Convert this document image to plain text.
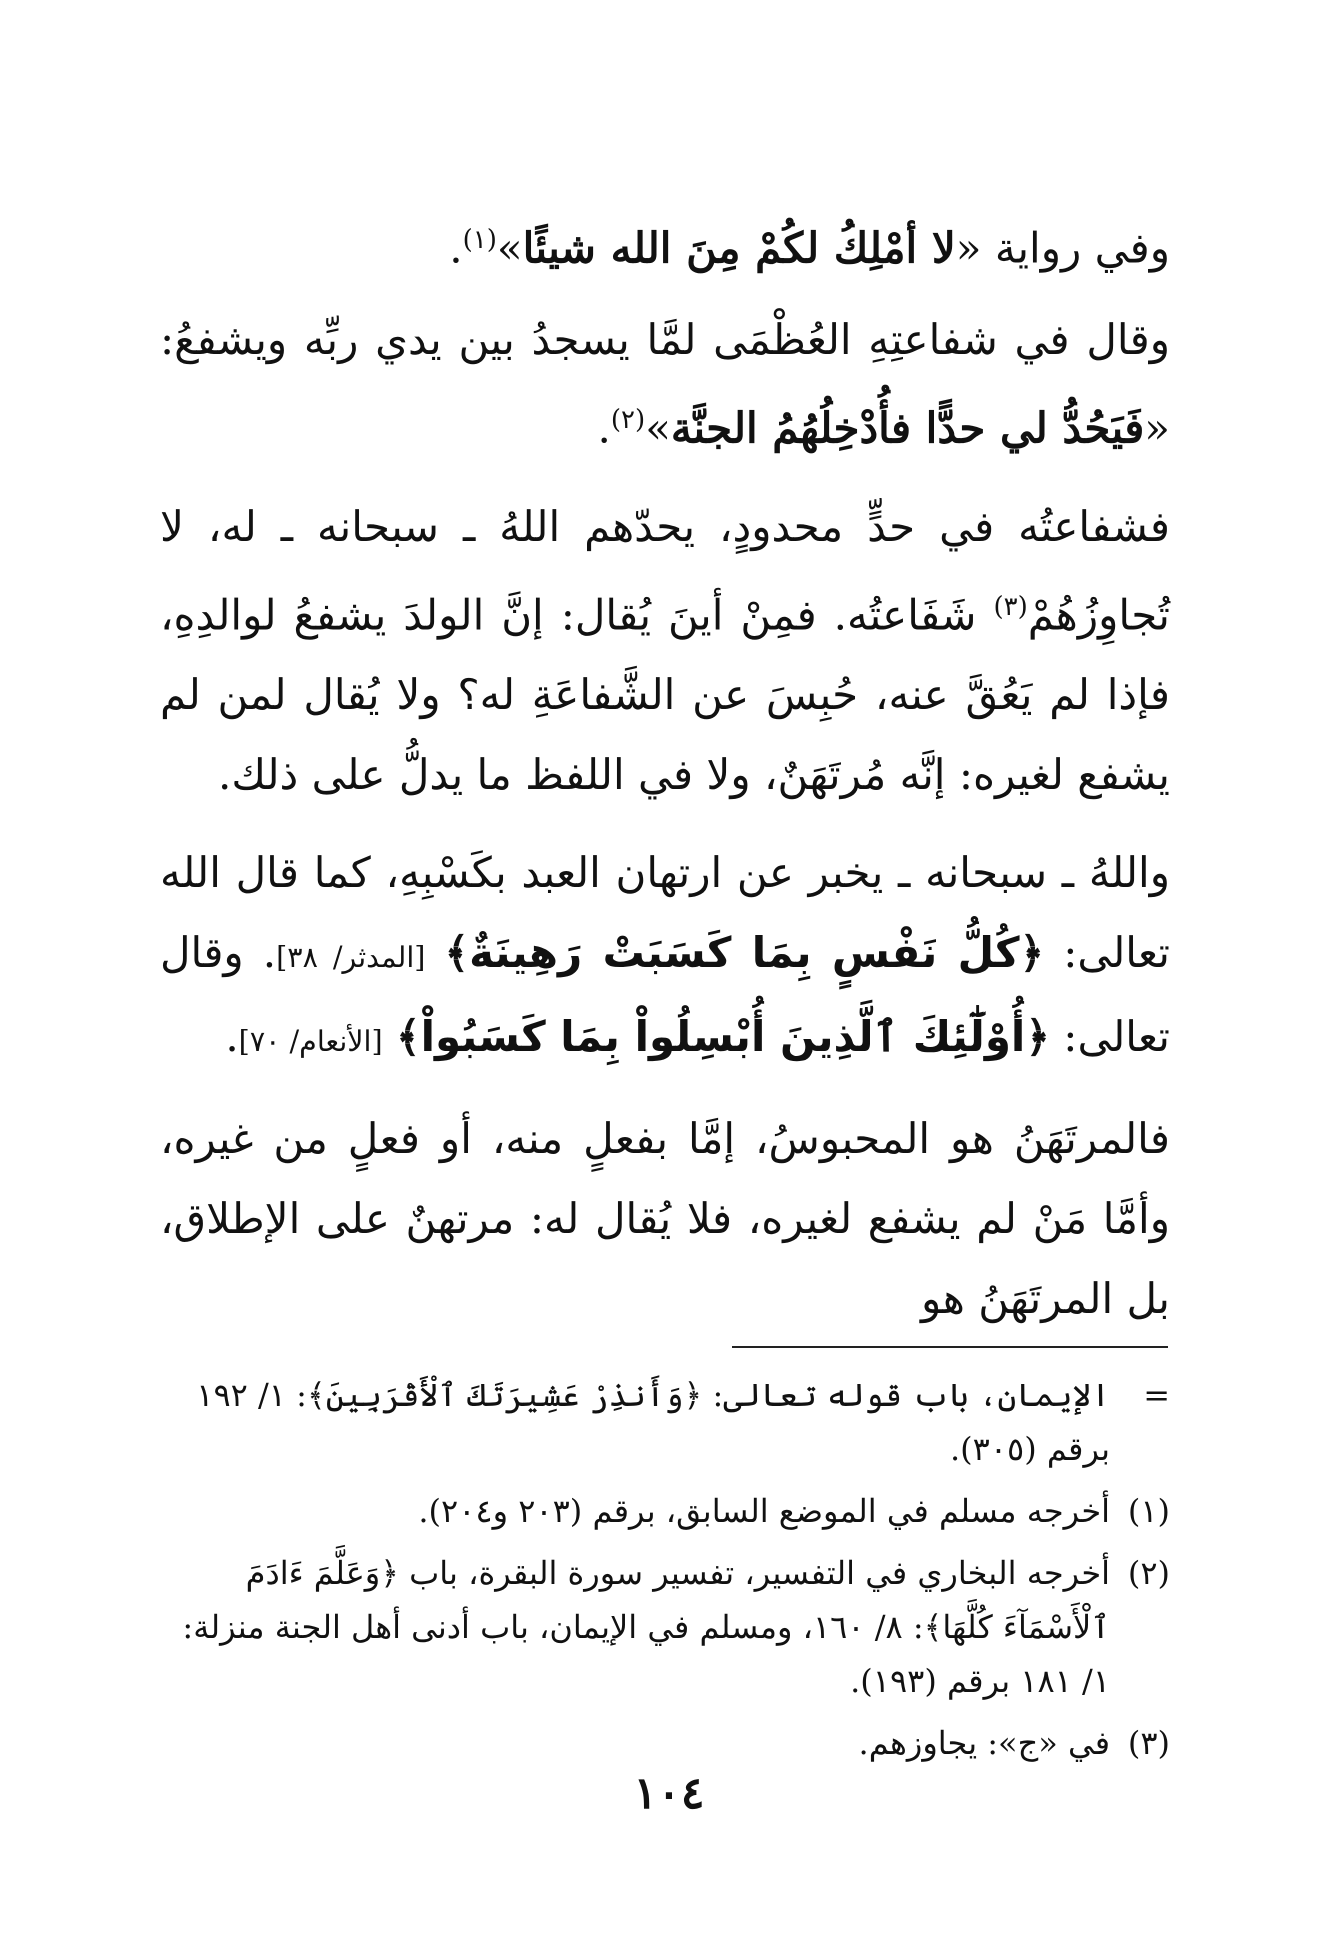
وفي رواية «لا أمْلِكُ لكُمْ مِنَ الله شيئًا»$^{(١)}$.

وقال في شفاعتِهِ العُظْمَى لمَّا يسجدُ بين يدي ربِّه ويشفعُ: «فَيَحُدُّ لي حدًّا فأُدْخِلُهُمُ الجنَّة»$^{(٢)}$.

فشفاعتُه في حدٍّ محدودٍ، يحدّهم اللهُ ـ سبحانه ـ له، لا تُجاوِزُهُمْ$^{(٣)}$ شَفَاعتُه. فمِنْ أينَ يُقال: إنَّ الولدَ يشفعُ لوالدِهِ، فإذا لم يَعُقَّ عنه، حُبِسَ عن الشَّفاعَةِ له؟ ولا يُقال لمن لم يشفع لغيره: إنَّه مُرتَهَنٌ، ولا في اللفظ ما يدلُّ على ذلك.

واللهُ ـ سبحانه ـ يخبر عن ارتهان العبد بكَسْبِهِ، كما قال الله تعالى: ﴿كُلُّ نَفْسٍ بِمَا كَسَبَتْ رَهِينَةٌ﴾ [المدثر/ ٣٨]. وقال تعالى: ﴿أُوْلَٰٓئِكَ ٱلَّذِينَ أُبْسِلُواْ بِمَا كَسَبُواْ﴾ [الأنعام/ ٧٠].

فالمرتَهَنُ هو المحبوسُ، إمَّا بفعلٍ منه، أو فعلٍ من غيره، وأمَّا مَنْ لم يشفع لغيره، فلا يُقال له: مرتهنٌ على الإطلاق، بل المرتَهَنُ هو

=
الإيمان، باب قوله تعالى: ﴿وَأَنذِرْ عَشِيرَتَكَ ٱلْأَقْرَبِينَ﴾: ١/ ١٩٢ برقم (٣٠٥).
(١)
أخرجه مسلم في الموضع السابق، برقم (٢٠٣ و٢٠٤).
(٢)
أخرجه البخاري في التفسير، تفسير سورة البقرة، باب ﴿وَعَلَّمَ ءَادَمَ ٱلْأَسْمَآءَ كُلَّهَا﴾: ٨/ ١٦٠، ومسلم في الإيمان، باب أدنى أهل الجنة منزلة: ١/ ١٨١ برقم (١٩٣).
(٣)
في «ج»: يجاوزهم.
١٠٤
